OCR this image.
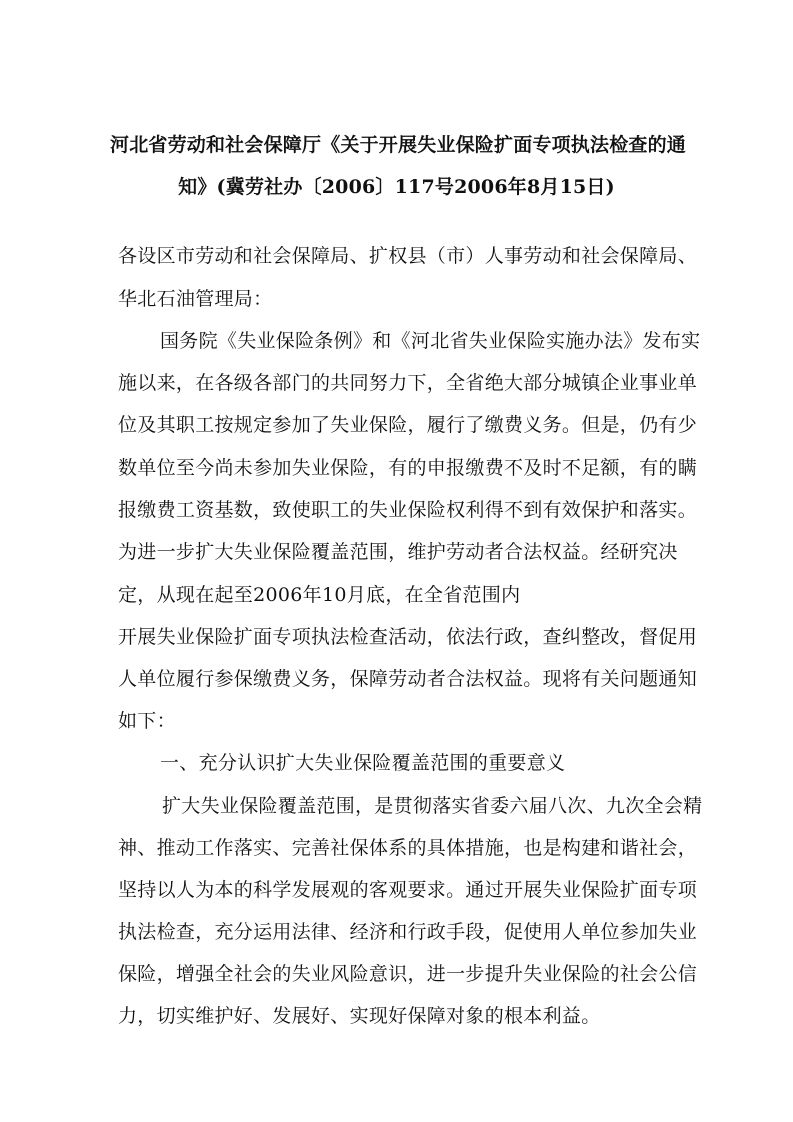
河北省劳动和社会保障厅《关于开展失业保险扩面专项执法检查的通
知》(冀劳社办〔2006〕117号2006年8月15日)
各设区市劳动和社会保障局、扩权县（市）人事劳动和社会保障局、
华北石油管理局：
国务院《失业保险条例》和《河北省失业保险实施办法》发布实
施以来，在各级各部门的共同努力下，全省绝大部分城镇企业事业单
位及其职工按规定参加了失业保险，履行了缴费义务。但是，仍有少
数单位至今尚未参加失业保险，有的申报缴费不及时不足额，有的瞒
报缴费工资基数，致使职工的失业保险权利得不到有效保护和落实。
为进一步扩大失业保险覆盖范围，维护劳动者合法权益。经研究决
定，从现在起至2006年10月底，在全省范围内
开展失业保险扩面专项执法检查活动，依法行政，查纠整改，督促用
人单位履行参保缴费义务，保障劳动者合法权益。现将有关问题通知
如下：
一、充分认识扩大失业保险覆盖范围的重要意义
扩大失业保险覆盖范围，是贯彻落实省委六届八次、九次全会精
神、推动工作落实、完善社保体系的具体措施，也是构建和谐社会，
坚持以人为本的科学发展观的客观要求。通过开展失业保险扩面专项
执法检查，充分运用法律、经济和行政手段，促使用人单位参加失业
保险，增强全社会的失业风险意识，进一步提升失业保险的社会公信
力，切实维护好、发展好、实现好保障对象的根本利益。
